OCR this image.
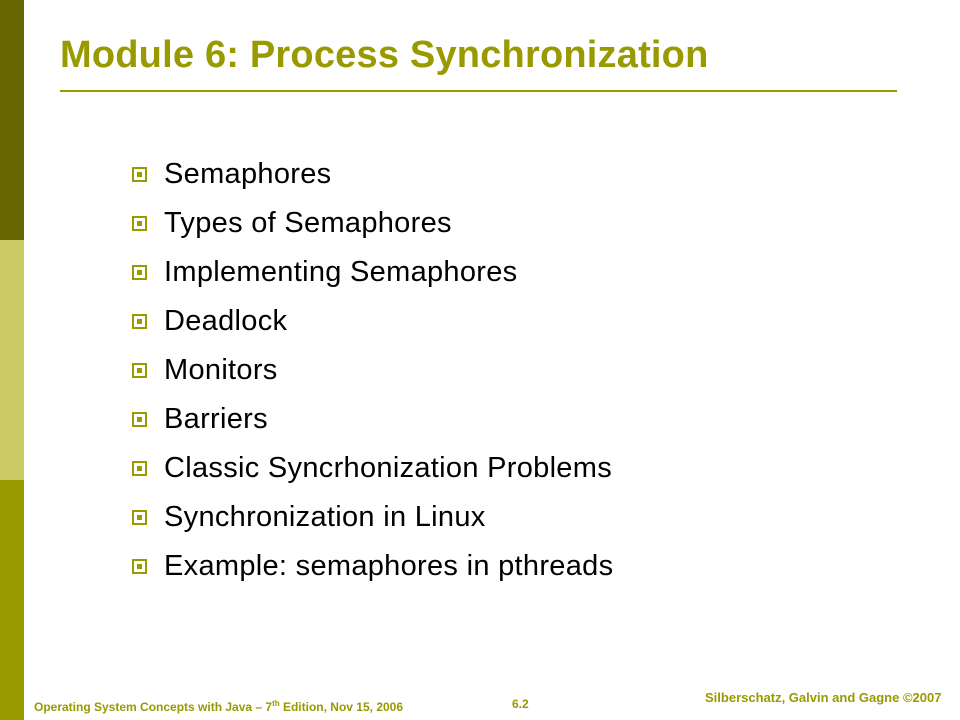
Module 6: Process Synchronization
Semaphores
Types of Semaphores
Implementing Semaphores
Deadlock
Monitors
Barriers
Classic Syncrhonization Problems
Synchronization in Linux
Example: semaphores in pthreads
Operating System Concepts with Java – 7th Edition, Nov 15, 2006	6.2	Silberschatz, Galvin and Gagne ©2007
